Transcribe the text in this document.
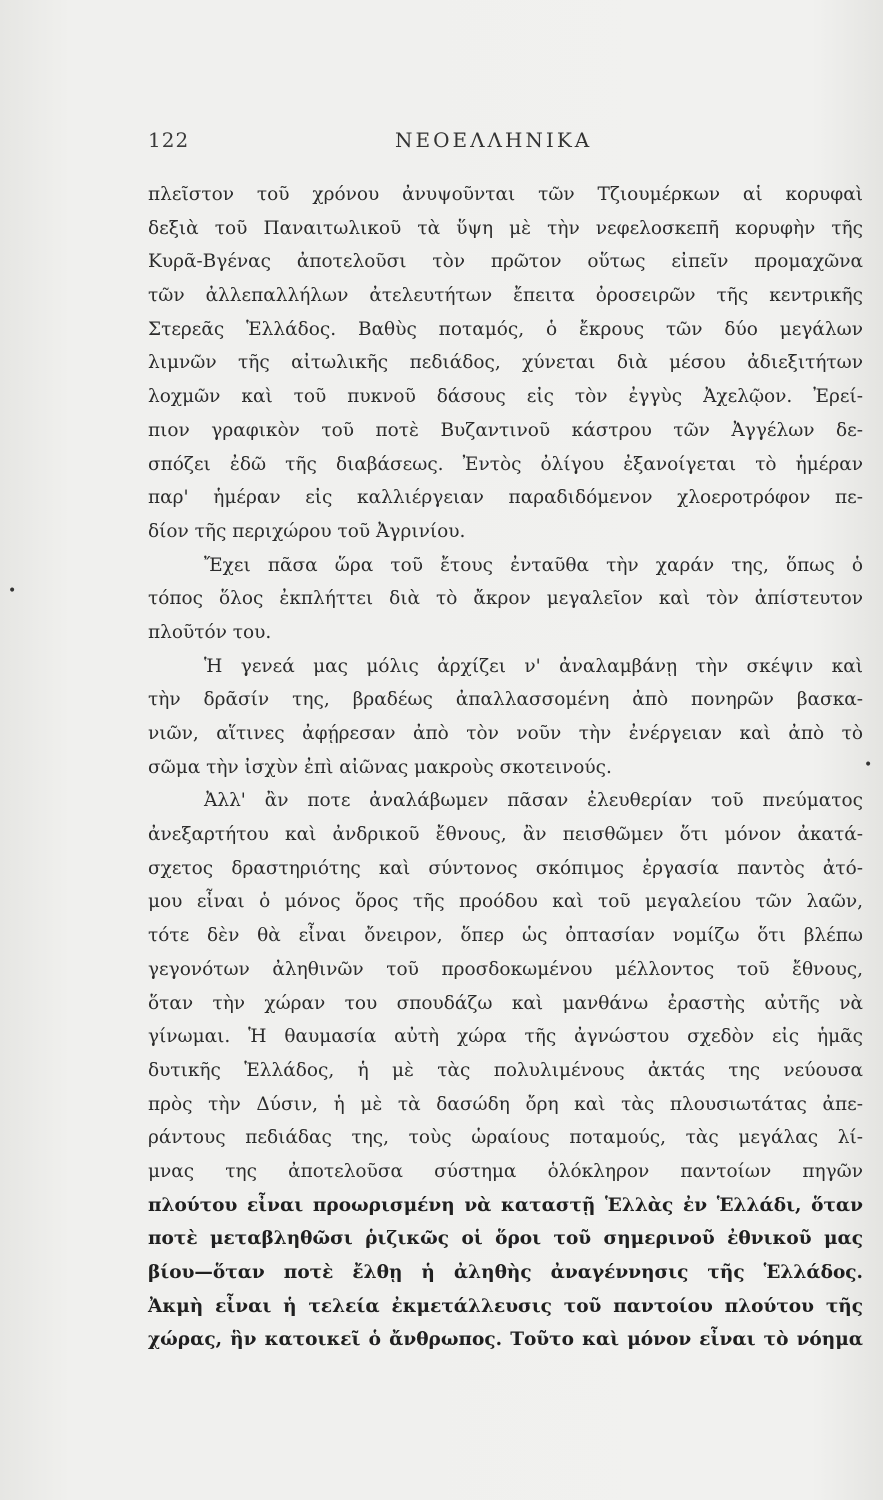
122	ΝΕΟΕΛΛΗΝΙΚΑ
•
•
πλεῖστον τοῦ χρόνου ἀνυψοῦνται τῶν Τζιουμέρκων αἱ κορυφαὶ
δεξιὰ τοῦ Παναιτωλικοῦ τὰ ὕψη μὲ τὴν νεφελοσκεπῆ κορυφὴν τῆς
Κυρᾶ-Βγένας ἀποτελοῦσι τὸν πρῶτον οὕτως εἰπεῖν προμαχῶνα
τῶν ἀλλεπαλλήλων ἀτελευτήτων ἔπειτα ὀροσειρῶν τῆς κεντρικῆς
Στερεᾶς Ἑλλάδος. Βαθὺς ποταμός, ὁ ἔκρους τῶν δύο μεγάλων
λιμνῶν τῆς αἰτωλικῆς πεδιάδος, χύνεται διὰ μέσου ἀδιεξιτήτων
λοχμῶν καὶ τοῦ πυκνοῦ δάσους εἰς τὸν ἐγγὺς Ἀχελῷον. Ἐρεί-
πιον γραφικὸν τοῦ ποτὲ Βυζαντινοῦ κάστρου τῶν Ἀγγέλων δε-
σπόζει ἐδῶ τῆς διαβάσεως. Ἐντὸς ὀλίγου ἐξανοίγεται τὸ ἡμέραν
παρ' ἡμέραν εἰς καλλιέργειαν παραδιδόμενον χλοεροτρόφον πε-
δίον τῆς περιχώρου τοῦ Ἀγρινίου.
Ἔχει πᾶσα ὥρα τοῦ ἔτους ἐνταῦθα τὴν χαράν της, ὅπως ὁ
τόπος ὅλος ἐκπλήττει διὰ τὸ ἄκρον μεγαλεῖον καὶ τὸν ἀπίστευτον
πλοῦτόν του.
Ἡ γενεά μας μόλις ἀρχίζει ν' ἀναλαμβάνῃ τὴν σκέψιν καὶ
τὴν δρᾶσίν της, βραδέως ἀπαλλασσομένη ἀπὸ πονηρῶν βασκα-
νιῶν, αἵτινες ἀφῄρεσαν ἀπὸ τὸν νοῦν τὴν ἐνέργειαν καὶ ἀπὸ τὸ
σῶμα τὴν ἰσχὺν ἐπὶ αἰῶνας μακροὺς σκοτεινούς.
Ἀλλ' ἂν ποτε ἀναλάβωμεν πᾶσαν ἐλευθερίαν τοῦ πνεύματος
ἀνεξαρτήτου καὶ ἀνδρικοῦ ἔθνους, ἂν πεισθῶμεν ὅτι μόνον ἀκατά-
σχετος δραστηριότης καὶ σύντονος σκόπιμος ἐργασία παντὸς ἀτό-
μου εἶναι ὁ μόνος ὅρος τῆς προόδου καὶ τοῦ μεγαλείου τῶν λαῶν,
τότε δὲν θὰ εἶναι ὄνειρον, ὅπερ ὡς ὀπτασίαν νομίζω ὅτι βλέπω
γεγονότων ἀληθινῶν τοῦ προσδοκωμένου μέλλοντος τοῦ ἔθνους,
ὅταν τὴν χώραν του σπουδάζω καὶ μανθάνω ἐραστὴς αὐτῆς νὰ
γίνωμαι. Ἡ θαυμασία αὐτὴ χώρα τῆς ἀγνώστου σχεδὸν εἰς ἡμᾶς
δυτικῆς Ἑλλάδος, ἡ μὲ τὰς πολυλιμένους ἀκτάς της νεύουσα
πρὸς τὴν Δύσιν, ἡ μὲ τὰ δασώδη ὄρη καὶ τὰς πλουσιωτάτας ἀπε-
ράντους πεδιάδας της, τοὺς ὡραίους ποταμούς, τὰς μεγάλας λί-
μνας της ἀποτελοῦσα σύστημα ὁλόκληρον παντοίων πηγῶν
πλούτου εἶναι προωρισμένη νὰ καταστῇ Ἑλλὰς ἐν Ἑλλάδι, ὅταν
ποτὲ μεταβληθῶσι ῥιζικῶς οἱ ὅροι τοῦ σημερινοῦ ἐθνικοῦ μας
βίου—ὅταν ποτὲ ἔλθῃ ἡ ἀληθὴς ἀναγέννησις τῆς Ἑλλάδος.
Ἀκμὴ εἶναι ἡ τελεία ἐκμετάλλευσις τοῦ παντοίου πλούτου τῆς
χώρας, ἣν κατοικεῖ ὁ ἄνθρωπος. Τοῦτο καὶ μόνον εἶναι τὸ νόημα
